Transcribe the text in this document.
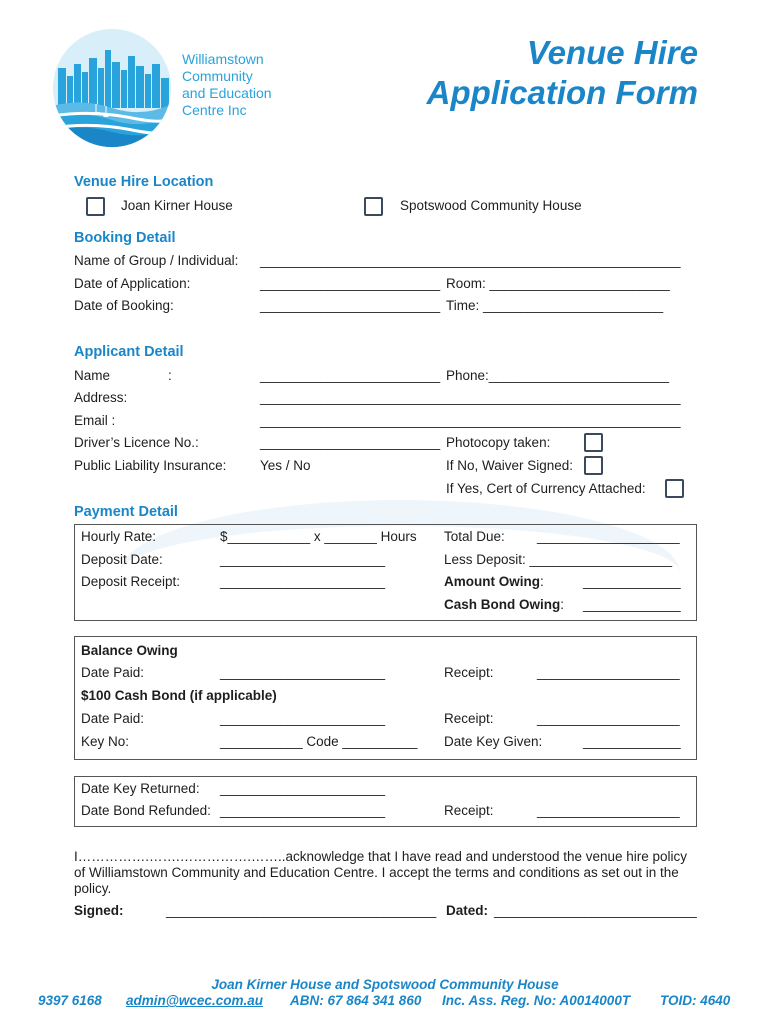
Williamstown
Community
and Education
Centre Inc
Venue Hire
Application Form
Venue Hire Location
Joan Kirner House	Spotswood Community House
Booking Detail
Name of Group / Individual: ________________________________________________________
Date of Application:	________________________ Room: ________________________
Date of Booking:	________________________ Time: ________________________
Applicant Detail
Name	:	________________________ Phone:________________________
Address:	________________________________________________________
Email :	________________________________________________________
Driver’s Licence No.:	________________________ Photocopy taken:
Public Liability Insurance: Yes / No	If No, Waiver Signed:
If Yes, Cert of Currency Attached:
Payment Detail
Hourly Rate:	$___________ x _______ Hours Total Due: ___________________
Deposit Date:	______________________	Less Deposit: ___________________
Deposit Receipt:	______________________	Amount Owing:	_____________
Cash Bond Owing: _____________
Balance Owing
Date Paid:	______________________	Receipt:	___________________
$100 Cash Bond (if applicable)
Date Paid:	______________________	Receipt:	___________________
Key No:	___________ Code __________ Date Key Given:	_____________
Date Key Returned: ______________________
Date Bond Refunded: ______________________	Receipt:	___________________
I…………….…….…………….……..acknowledge that I have read and understood the venue hire policy of Williamstown Community and Education Centre. I accept the terms and conditions as set out in the policy.
Signed:	____________________________________ Dated: ___________________________
Joan Kirner House and Spotswood Community House
9397 6168 admin@wcec.com.au ABN: 67 864 341 860 Inc. Ass. Reg. No: A0014000T TOID: 4640
